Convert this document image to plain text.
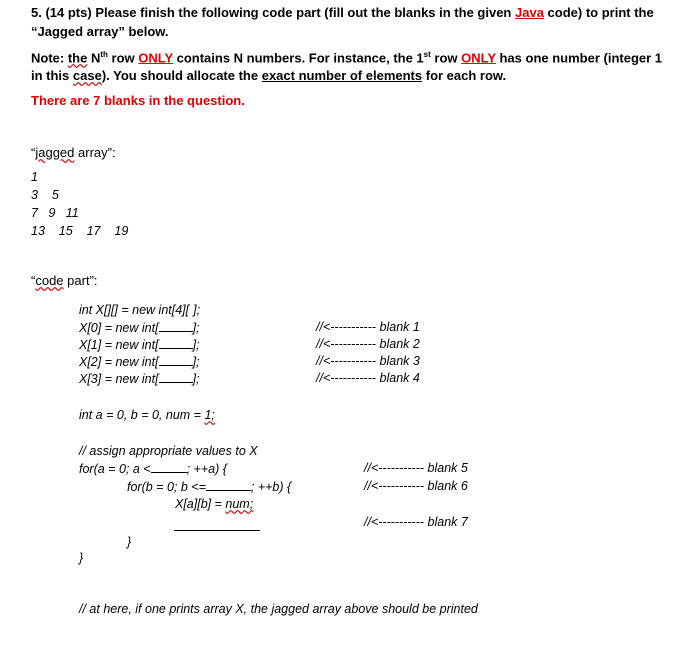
5. (14 pts) Please finish the following code part (fill out the blanks in the given Java code) to print the
“Jagged array” below.
Note: the $N^{th}$ row ONLY contains N numbers. For instance, the 1st row ONLY has one number (integer 1
in this case). You should allocate the exact number of elements for each row.
There are 7 blanks in the question.
“jagged array”:
1
3    5
7   9   11
13    15    17    19
“code part”:
int X[][] = new int[4][ ];
X[0] = new int[	];
X[1] = new int[	];
X[2] = new int[	];
X[3] = new int[	];
//<----------- blank 1
//<----------- blank 2
//<----------- blank 3
//<----------- blank 4
int a = 0, b = 0, num = 1;
// assign appropriate values to X
for(a = 0; a <	; ++a) {
for(b = 0; b <=	; ++b) {
X[a][b] = num;
//<----------- blank 5
//<----------- blank 6
//<----------- blank 7
}
}
// at here, if one prints array X, the jagged array above should be printed
